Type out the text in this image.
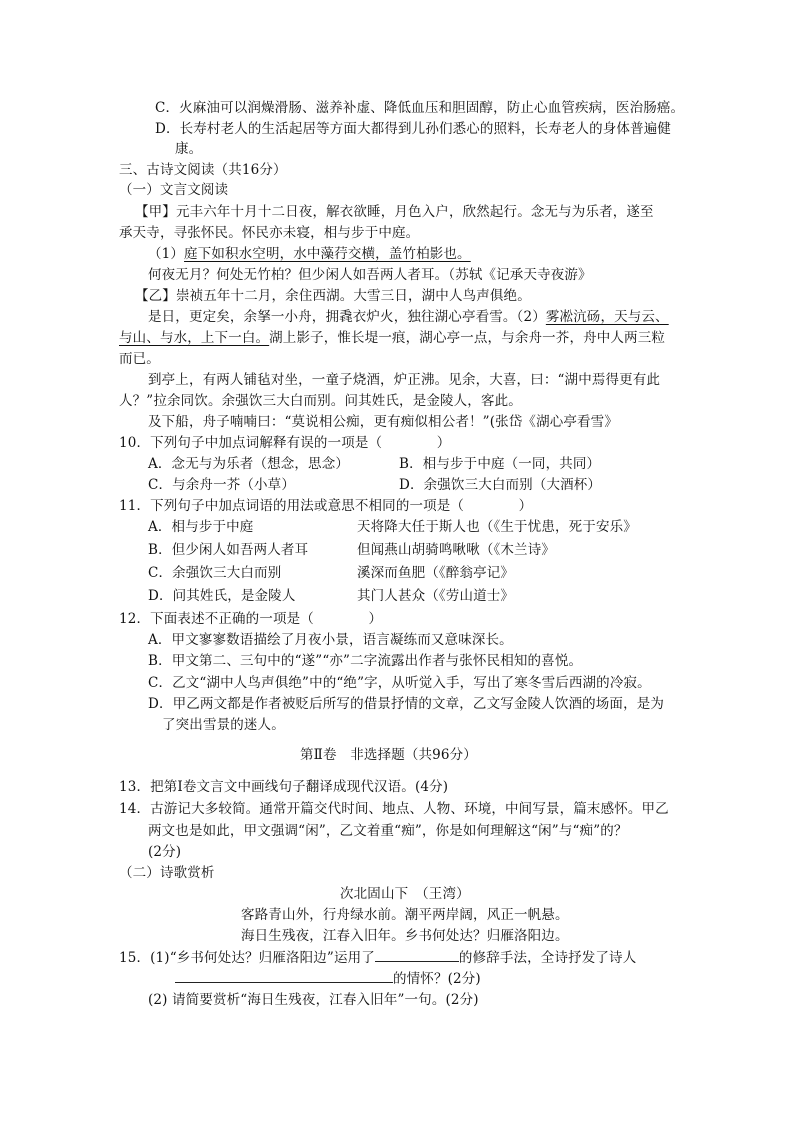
C．火麻油可以润燥滑肠、滋养补虚、降低血压和胆固醇，防止心血管疾病，医治肠癌。
D．长寿村老人的生活起居等方面大都得到儿孙们悉心的照料，长寿老人的身体普遍健
康。
三、古诗文阅读（共16分）
（一）文言文阅读
【甲】元丰六年十月十二日夜，解衣欲睡，月色入户，欣然起行。念无与为乐者，遂至
承天寺，寻张怀民。怀民亦未寝，相与步于中庭。
（1）庭下如积水空明，水中藻荇交横，盖竹柏影也。
何夜无月？何处无竹柏？但少闲人如吾两人者耳。（苏轼《记承天寺夜游》
【乙】崇祯五年十二月，余住西湖。大雪三日，湖中人鸟声俱绝。
是日，更定矣，余拏一小舟，拥毳衣炉火，独往湖心亭看雪。（2）雾凇沆砀，天与云、
与山、与水，上下一白。湖上影子，惟长堤一痕，湖心亭一点，与余舟一芥，舟中人两三粒
而已。
到亭上，有两人铺毡对坐，一童子烧酒，炉正沸。见余，大喜，曰：“湖中焉得更有此
人？”拉余同饮。余强饮三大白而别。问其姓氏，是金陵人，客此。
及下船，舟子喃喃曰：“莫说相公痴，更有痴似相公者！”(张岱《湖心亭看雪》
10．下列句子中加点词解释有误的一项是（　　　　）
A．念无与为乐者（想念，思念）	B．相与步于中庭（一同，共同）
C．与余舟一芥（小草）	D．余强饮三大白而别（大酒杯）
11．下列句子中加点词语的用法或意思不相同的一项是（　　　　）
A．相与步于中庭	天将降大任于斯人也（《生于忧患，死于安乐》
B．但少闲人如吾两人者耳	但闻燕山胡骑鸣啾啾（《木兰诗》
C．余强饮三大白而别	溪深而鱼肥（《醉翁亭记》
D．问其姓氏，是金陵人	其门人甚众（《劳山道士》
12．下面表述不正确的一项是（　　　　）
A．甲文寥寥数语描绘了月夜小景，语言凝练而又意味深长。
B．甲文第二、三句中的“遂”“亦”二字流露出作者与张怀民相知的喜悦。
C．乙文“湖中人鸟声俱绝”中的“绝”字，从听觉入手，写出了寒冬雪后西湖的冷寂。
D．甲乙两文都是作者被贬后所写的借景抒情的文章，乙文写金陵人饮酒的场面，是为
了突出雪景的迷人。
第Ⅱ卷　非选择题（共96分）
13．把第Ⅰ卷文言文中画线句子翻译成现代汉语。(4分)
14．古游记大多较简。通常开篇交代时间、地点、人物、环境，中间写景，篇末感怀。甲乙
两文也是如此，甲文强调“闲”，乙文着重“痴”，你是如何理解这“闲”与“痴”的？
(2分)
（二）诗歌赏析
次北固山下　（王湾）
客路青山外，行舟绿水前。潮平两岸阔，风正一帆悬。
海日生残夜，江春入旧年。乡书何处达？归雁洛阳边。
15．(1)“乡书何处达？归雁洛阳边”运用了	的修辞手法，全诗抒发了诗人
的情怀？(2分)
(2) 请简要赏析“海日生残夜，江春入旧年”一句。(2分)
